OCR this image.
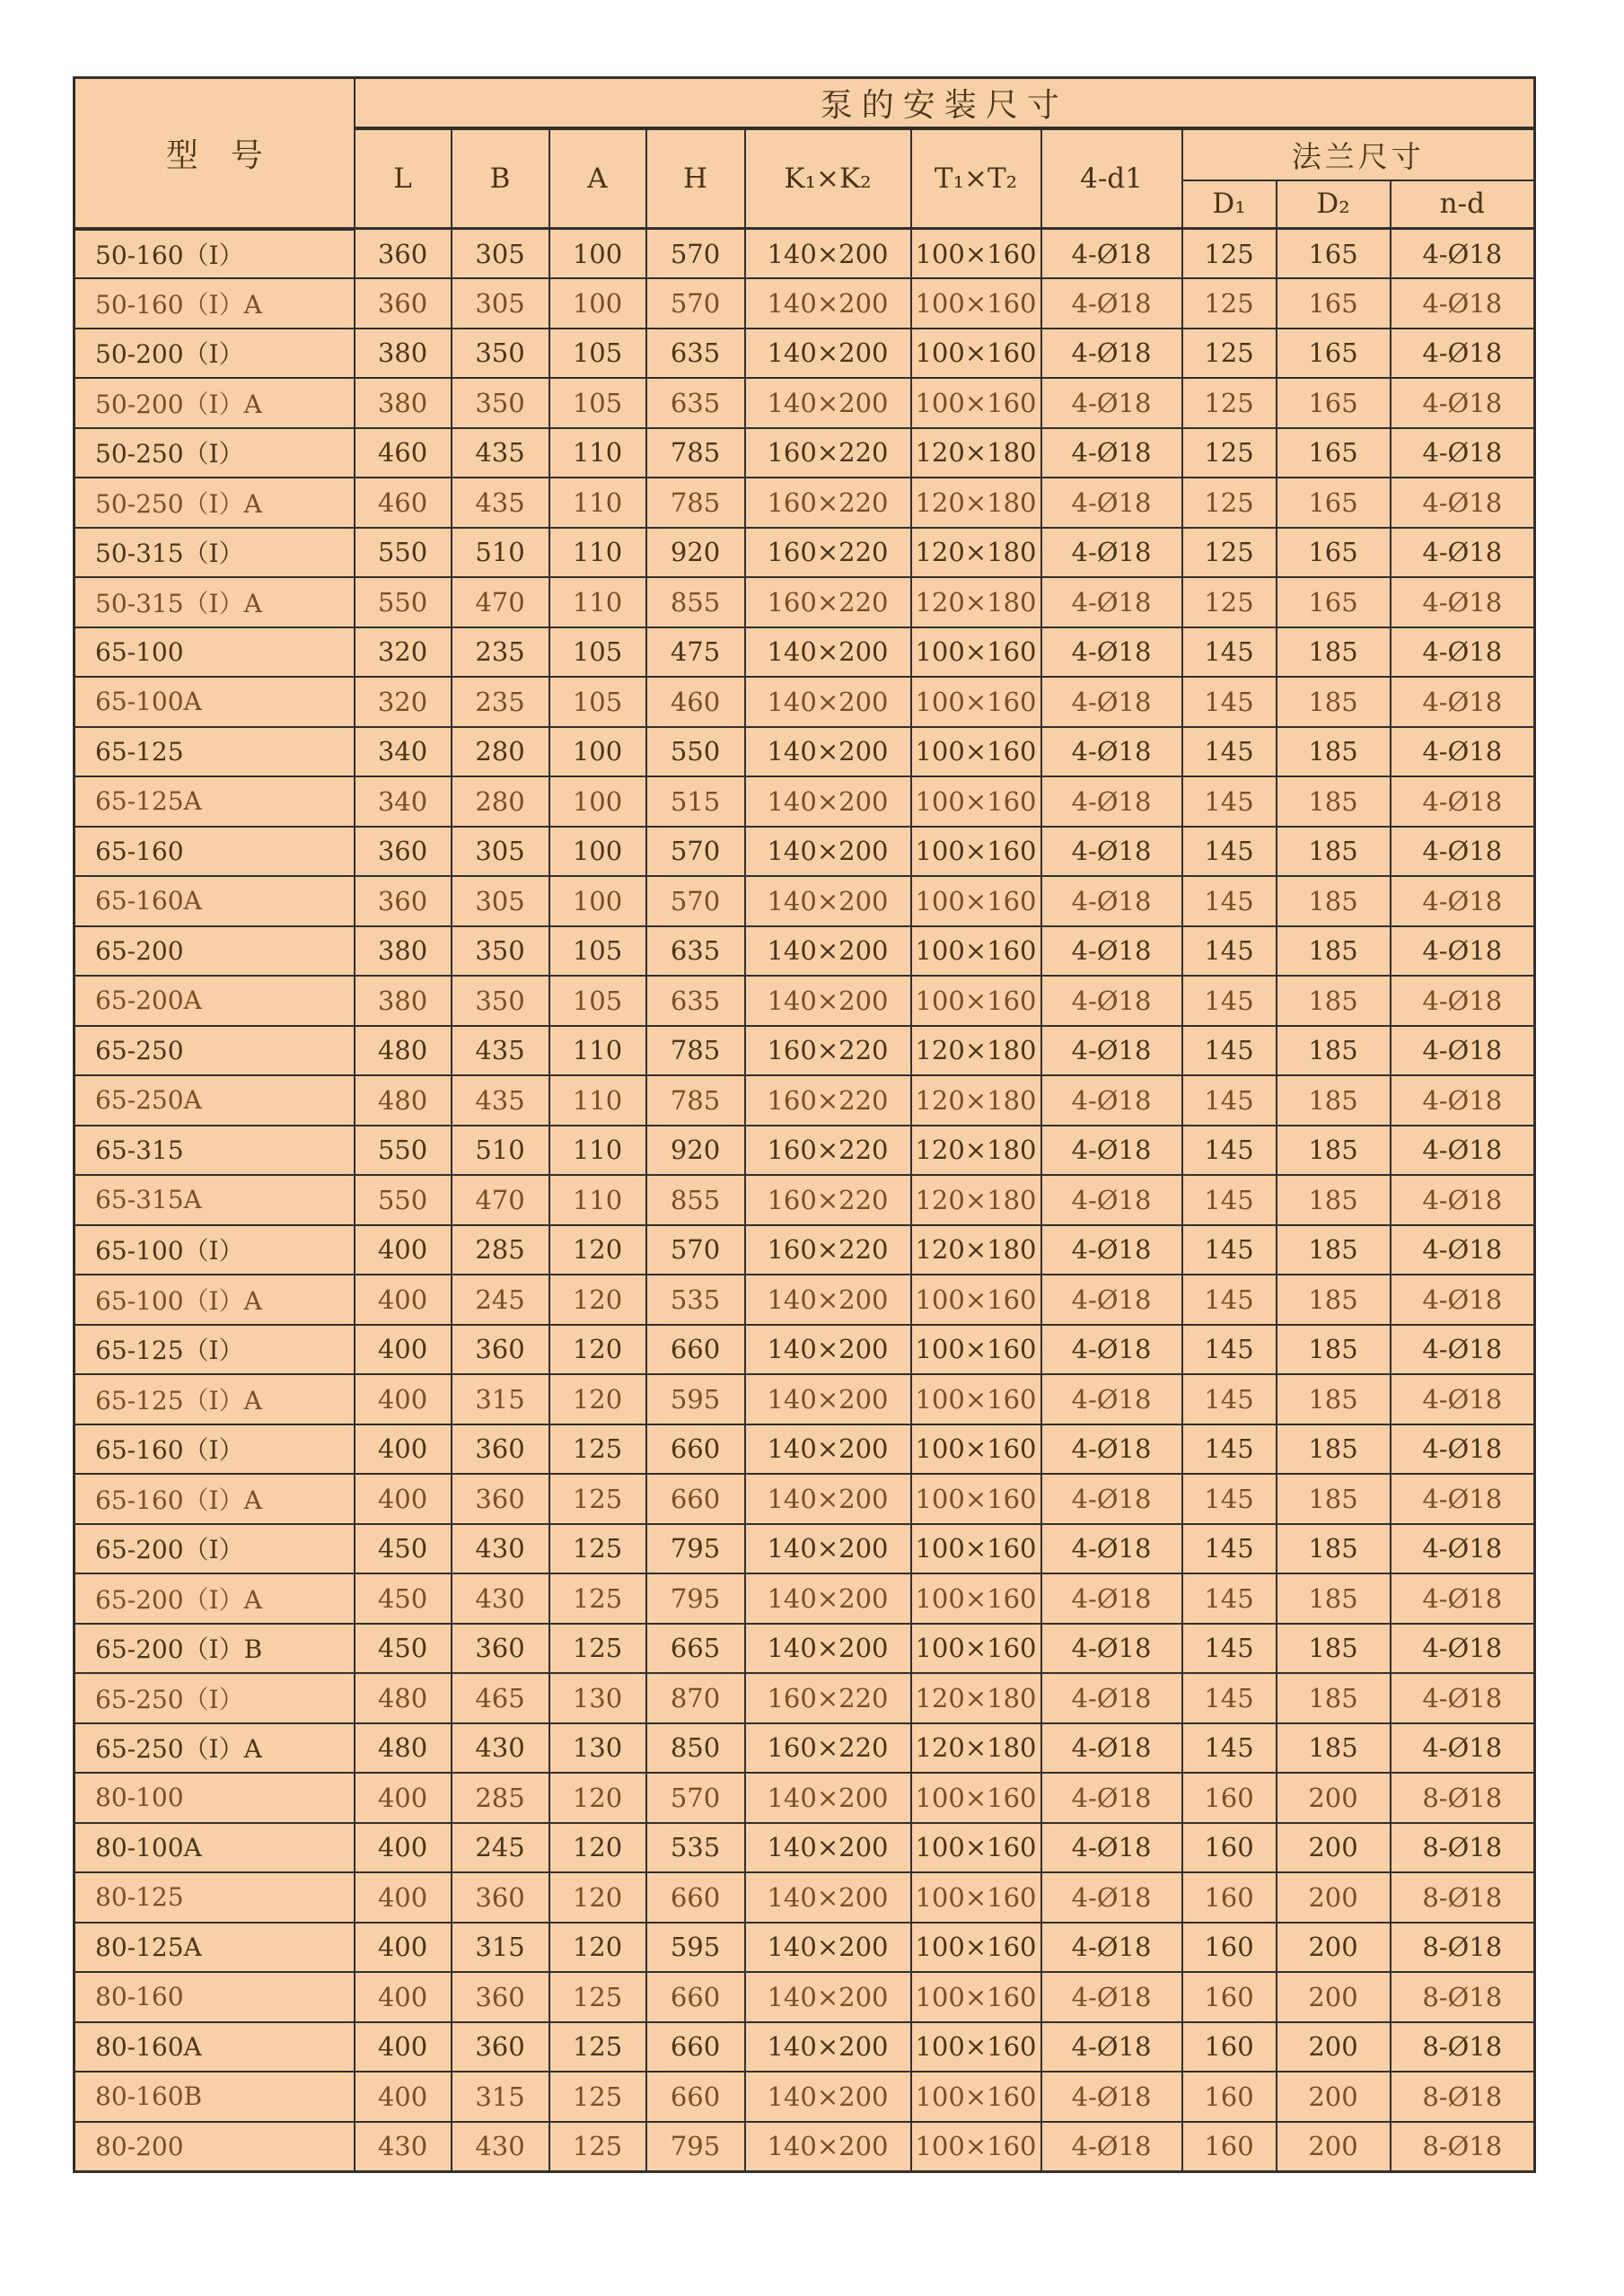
型　号	泵的安装尺寸									
	L	B	A	H	K₁×K₂	T₁×T₂	4-d1	法兰尺寸		
								D₁	D₂	n-d
50-160（I）	360	305	100	570	140×200	100×160	4-Ø18	125	165	4-Ø18
50-160（I）A	360	305	100	570	140×200	100×160	4-Ø18	125	165	4-Ø18
50-200（I）	380	350	105	635	140×200	100×160	4-Ø18	125	165	4-Ø18
50-200（I）A	380	350	105	635	140×200	100×160	4-Ø18	125	165	4-Ø18
50-250（I）	460	435	110	785	160×220	120×180	4-Ø18	125	165	4-Ø18
50-250（I）A	460	435	110	785	160×220	120×180	4-Ø18	125	165	4-Ø18
50-315（I）	550	510	110	920	160×220	120×180	4-Ø18	125	165	4-Ø18
50-315（I）A	550	470	110	855	160×220	120×180	4-Ø18	125	165	4-Ø18
65-100	320	235	105	475	140×200	100×160	4-Ø18	145	185	4-Ø18
65-100A	320	235	105	460	140×200	100×160	4-Ø18	145	185	4-Ø18
65-125	340	280	100	550	140×200	100×160	4-Ø18	145	185	4-Ø18
65-125A	340	280	100	515	140×200	100×160	4-Ø18	145	185	4-Ø18
65-160	360	305	100	570	140×200	100×160	4-Ø18	145	185	4-Ø18
65-160A	360	305	100	570	140×200	100×160	4-Ø18	145	185	4-Ø18
65-200	380	350	105	635	140×200	100×160	4-Ø18	145	185	4-Ø18
65-200A	380	350	105	635	140×200	100×160	4-Ø18	145	185	4-Ø18
65-250	480	435	110	785	160×220	120×180	4-Ø18	145	185	4-Ø18
65-250A	480	435	110	785	160×220	120×180	4-Ø18	145	185	4-Ø18
65-315	550	510	110	920	160×220	120×180	4-Ø18	145	185	4-Ø18
65-315A	550	470	110	855	160×220	120×180	4-Ø18	145	185	4-Ø18
65-100（I）	400	285	120	570	160×220	120×180	4-Ø18	145	185	4-Ø18
65-100（I）A	400	245	120	535	140×200	100×160	4-Ø18	145	185	4-Ø18
65-125（I）	400	360	120	660	140×200	100×160	4-Ø18	145	185	4-Ø18
65-125（I）A	400	315	120	595	140×200	100×160	4-Ø18	145	185	4-Ø18
65-160（I）	400	360	125	660	140×200	100×160	4-Ø18	145	185	4-Ø18
65-160（I）A	400	360	125	660	140×200	100×160	4-Ø18	145	185	4-Ø18
65-200（I）	450	430	125	795	140×200	100×160	4-Ø18	145	185	4-Ø18
65-200（I）A	450	430	125	795	140×200	100×160	4-Ø18	145	185	4-Ø18
65-200（I）B	450	360	125	665	140×200	100×160	4-Ø18	145	185	4-Ø18
65-250（I）	480	465	130	870	160×220	120×180	4-Ø18	145	185	4-Ø18
65-250（I）A	480	430	130	850	160×220	120×180	4-Ø18	145	185	4-Ø18
80-100	400	285	120	570	140×200	100×160	4-Ø18	160	200	8-Ø18
80-100A	400	245	120	535	140×200	100×160	4-Ø18	160	200	8-Ø18
80-125	400	360	120	660	140×200	100×160	4-Ø18	160	200	8-Ø18
80-125A	400	315	120	595	140×200	100×160	4-Ø18	160	200	8-Ø18
80-160	400	360	125	660	140×200	100×160	4-Ø18	160	200	8-Ø18
80-160A	400	360	125	660	140×200	100×160	4-Ø18	160	200	8-Ø18
80-160B	400	315	125	660	140×200	100×160	4-Ø18	160	200	8-Ø18
80-200	430	430	125	795	140×200	100×160	4-Ø18	160	200	8-Ø18
